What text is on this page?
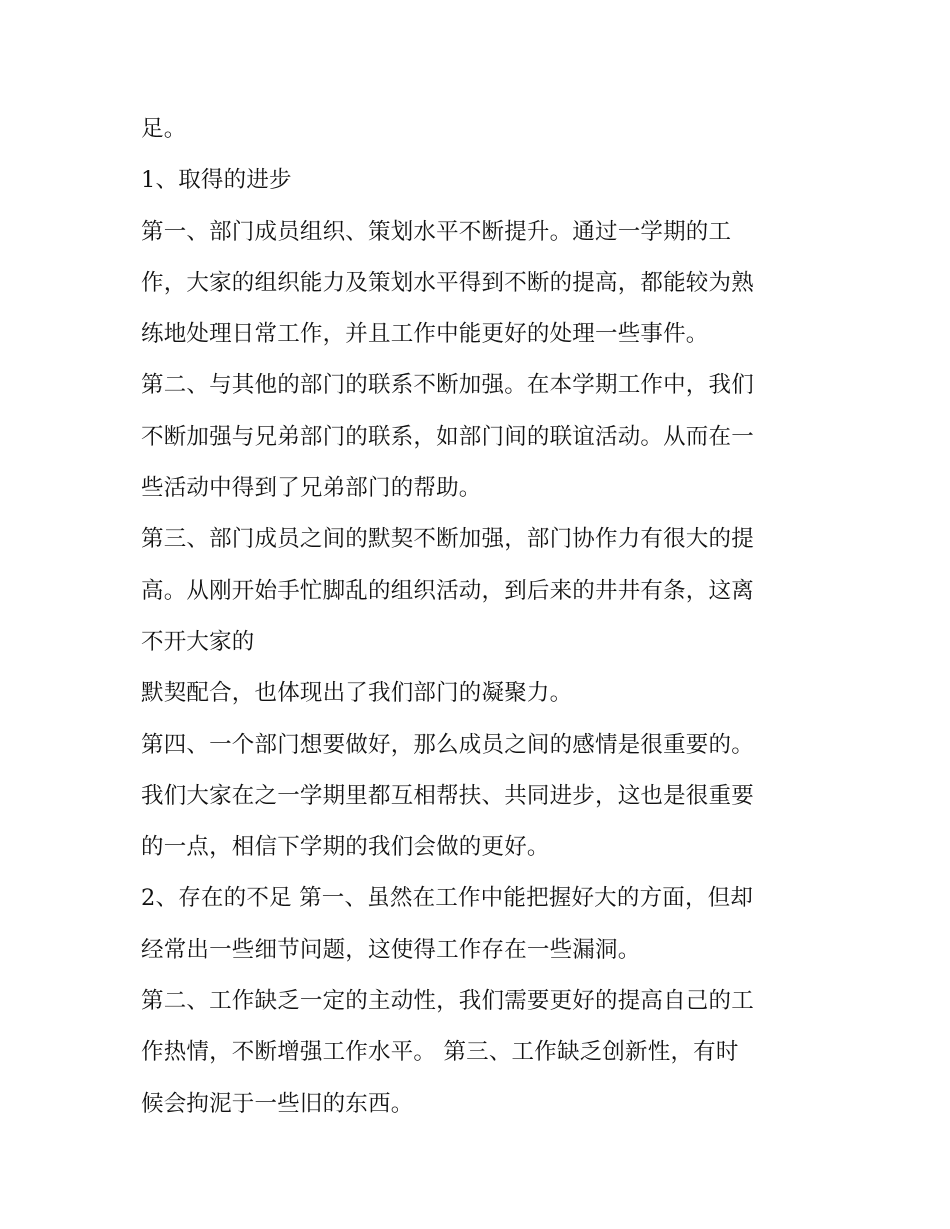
足。
1、取得的进步
第一、部门成员组织、策划水平不断提升。通过一学期的工
作，大家的组织能力及策划水平得到不断的提高，都能较为熟
练地处理日常工作，并且工作中能更好的处理一些事件。
第二、与其他的部门的联系不断加强。在本学期工作中，我们
不断加强与兄弟部门的联系，如部门间的联谊活动。从而在一
些活动中得到了兄弟部门的帮助。
第三、部门成员之间的默契不断加强，部门协作力有很大的提
高。从刚开始手忙脚乱的组织活动，到后来的井井有条，这离
不开大家的
默契配合，也体现出了我们部门的凝聚力。
第四、一个部门想要做好，那么成员之间的感情是很重要的。
我们大家在之一学期里都互相帮扶、共同进步，这也是很重要
的一点，相信下学期的我们会做的更好。
2、存在的不足 第一、虽然在工作中能把握好大的方面，但却
经常出一些细节问题，这使得工作存在一些漏洞。
第二、工作缺乏一定的主动性，我们需要更好的提高自己的工
作热情，不断增强工作水平。 第三、工作缺乏创新性，有时
候会拘泥于一些旧的东西。
